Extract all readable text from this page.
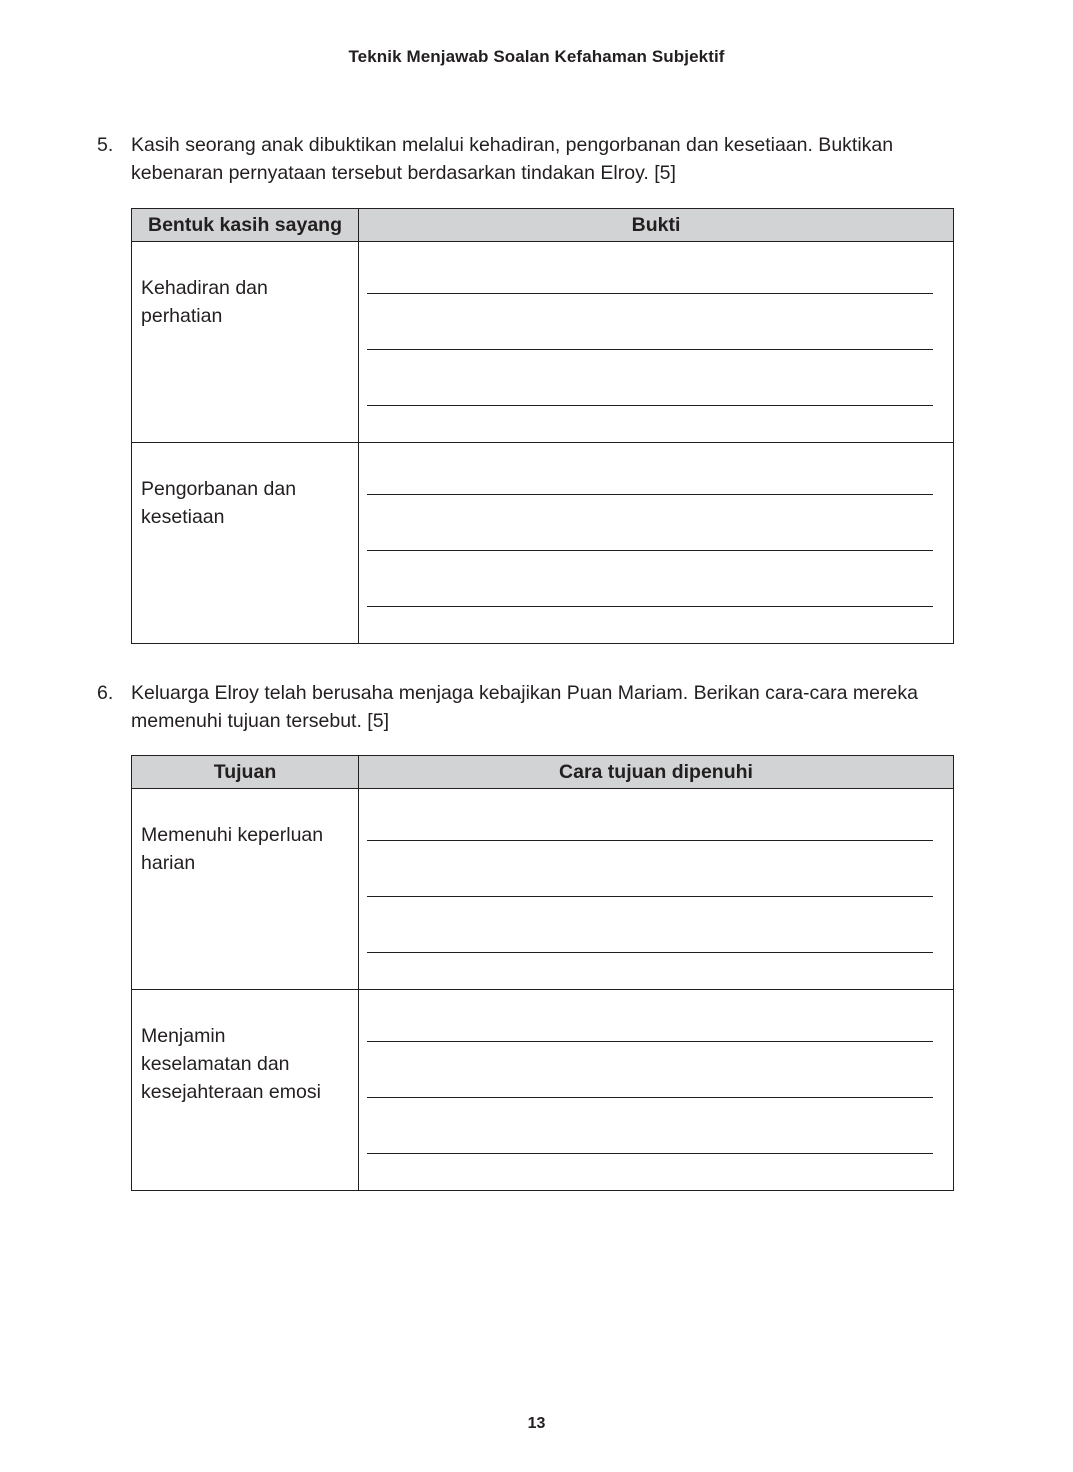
Teknik Menjawab Soalan Kefahaman Subjektif
5. Kasih seorang anak dibuktikan melalui kehadiran, pengorbanan dan kesetiaan. Buktikan kebenaran pernyataan tersebut berdasarkan tindakan Elroy. [5]
Bentuk kasih sayang	Bukti

Kehadiran dan
perhatian	

Pengorbanan dan
kesetiaan	

6. Keluarga Elroy telah berusaha menjaga kebajikan Puan Mariam. Berikan cara-cara mereka memenuhi tujuan tersebut. [5]
Tujuan	Cara tujuan dipenuhi

Memenuhi keperluan
harian	

Menjamin
keselamatan dan
kesejahteraan emosi	

13
